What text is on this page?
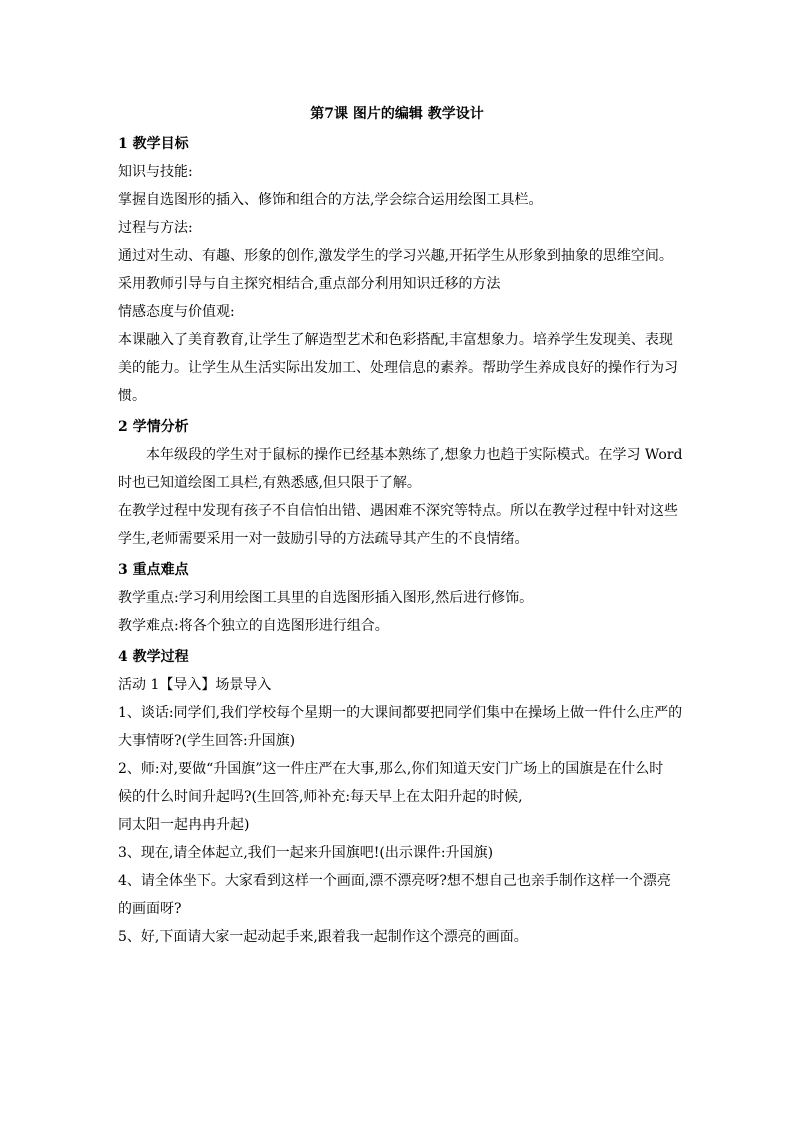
第7课 图片的编辑 教学设计
1 教学目标
知识与技能:
掌握自选图形的插入、修饰和组合的方法,学会综合运用绘图工具栏。
过程与方法:
通过对生动、有趣、形象的创作,激发学生的学习兴趣,开拓学生从形象到抽象的思维空间。
采用教师引导与自主探究相结合,重点部分利用知识迁移的方法
情感态度与价值观:
本课融入了美育教育,让学生了解造型艺术和色彩搭配,丰富想象力。培养学生发现美、表现
美的能力。让学生从生活实际出发加工、处理信息的素养。帮助学生养成良好的操作行为习
惯。
2 学情分析
本年级段的学生对于鼠标的操作已经基本熟练了,想象力也趋于实际模式。在学习 Word
时也已知道绘图工具栏,有熟悉感,但只限于了解。
在教学过程中发现有孩子不自信怕出错、遇困难不深究等特点。所以在教学过程中针对这些
学生,老师需要采用一对一鼓励引导的方法疏导其产生的不良情绪。
3 重点难点
教学重点:学习利用绘图工具里的自选图形插入图形,然后进行修饰。
教学难点:将各个独立的自选图形进行组合。
4 教学过程
活动 1【导入】场景导入
1、谈话:同学们,我们学校每个星期一的大课间都要把同学们集中在操场上做一件什么庄严的
大事情呀?(学生回答:升国旗)
2、师:对,要做“升国旗”这一件庄严在大事,那么,你们知道天安门广场上的国旗是在什么时
候的什么时间升起吗?(生回答,师补充:每天早上在太阳升起的时候,
同太阳一起冉冉升起)
3、现在,请全体起立,我们一起来升国旗吧!(出示课件:升国旗)
4、请全体坐下。大家看到这样一个画面,漂不漂亮呀?想不想自己也亲手制作这样一个漂亮
的画面呀?
5、好,下面请大家一起动起手来,跟着我一起制作这个漂亮的画面。
